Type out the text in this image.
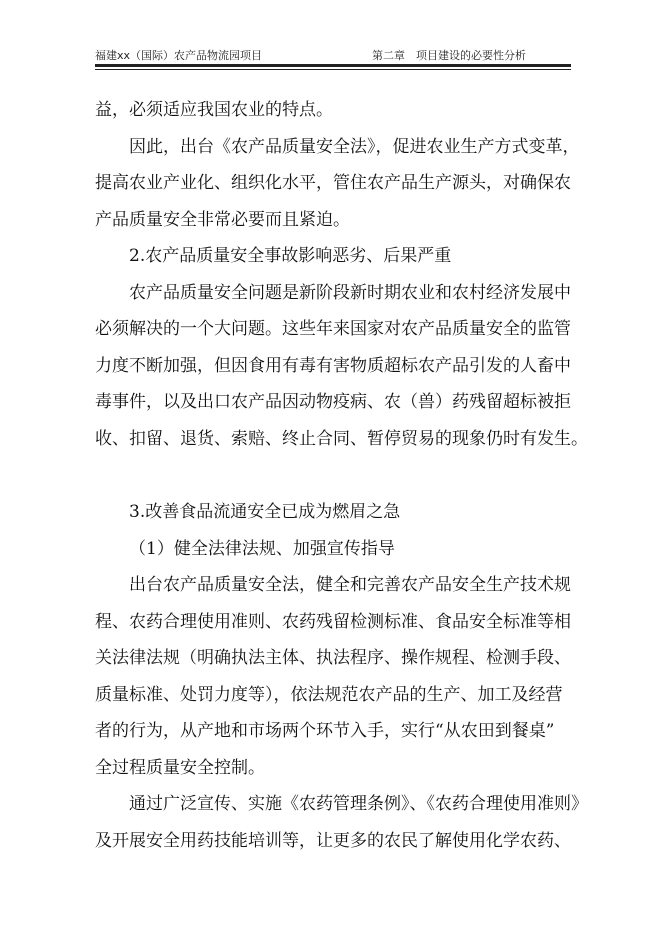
福建xx（国际）农产品物流园项目	第二章　项目建设的必要性分析
益，必须适应我国农业的特点。
因此，出台《农产品质量安全法》，促进农业生产方式变革，
提高农业产业化、组织化水平，管住农产品生产源头，对确保农
产品质量安全非常必要而且紧迫。
2.农产品质量安全事故影响恶劣、后果严重
农产品质量安全问题是新阶段新时期农业和农村经济发展中
必须解决的一个大问题。这些年来国家对农产品质量安全的监管
力度不断加强，但因食用有毒有害物质超标农产品引发的人畜中
毒事件，以及出口农产品因动物疫病、农（兽）药残留超标被拒
收、扣留、退货、索赔、终止合同、暂停贸易的现象仍时有发生。
3.改善食品流通安全已成为燃眉之急
（1）健全法律法规、加强宣传指导
出台农产品质量安全法，健全和完善农产品安全生产技术规
程、农药合理使用准则、农药残留检测标准、食品安全标准等相
关法律法规（明确执法主体、执法程序、操作规程、检测手段、
质量标准、处罚力度等），依法规范农产品的生产、加工及经营
者的行为，从产地和市场两个环节入手，实行“从农田到餐桌”
全过程质量安全控制。
通过广泛宣传、实施《农药管理条例》、《农药合理使用准则》
及开展安全用药技能培训等，让更多的农民了解使用化学农药、
